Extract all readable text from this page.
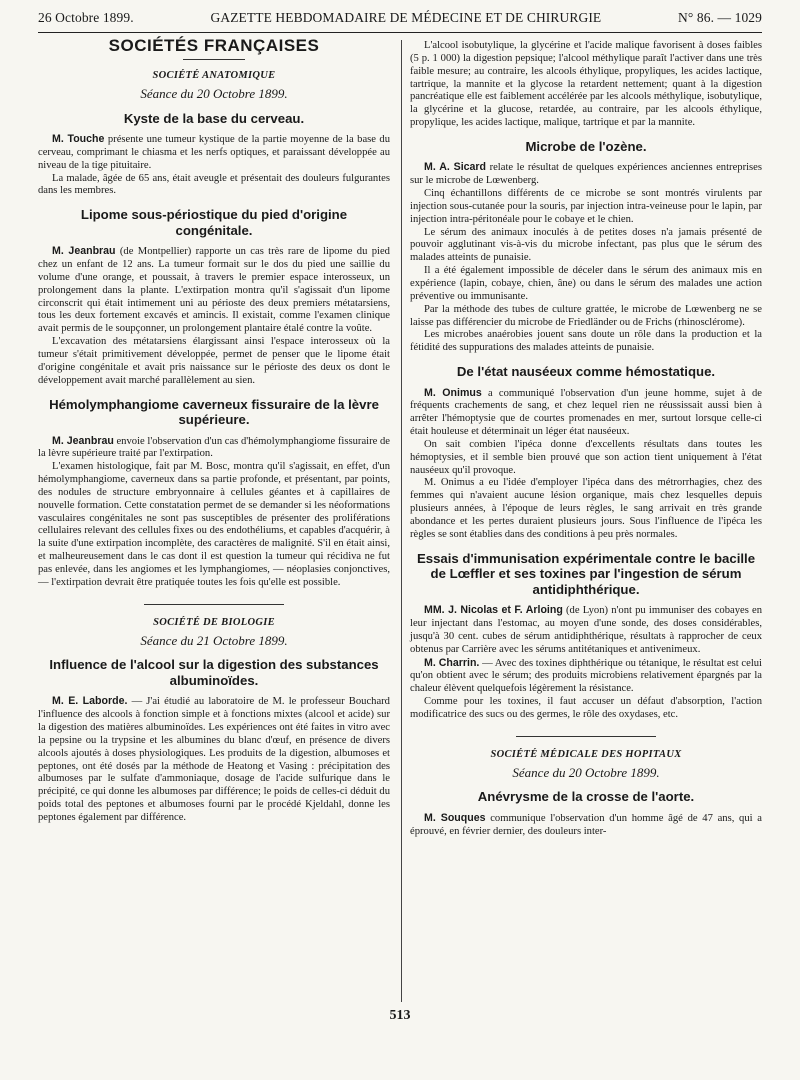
26 Octobre 1899.	GAZETTE HEBDOMADAIRE DE MÉDECINE ET DE CHIRURGIE	N° 86. — 1029
SOCIÉTÉS FRANÇAISES
SOCIÉTÉ ANATOMIQUE
Séance du 20 Octobre 1899.
Kyste de la base du cerveau.

M. Touche présente une tumeur kystique de la partie moyenne de la base du cerveau, comprimant le chiasma et les nerfs optiques, et paraissant développée au niveau de la tige pituitaire.

La malade, âgée de 65 ans, était aveugle et présentait des douleurs fulgurantes dans les membres.

Lipome sous-périostique du pied d'origine congénitale.

M. Jeanbrau (de Montpellier) rapporte un cas très rare de lipome du pied chez un enfant de 12 ans. La tumeur formait sur le dos du pied une saillie du volume d'une orange, et poussait, à travers le premier espace interosseux, un prolongement dans la plante. L'extirpation montra qu'il s'agissait d'un lipome circonscrit qui était intimement uni au périoste des deux premiers métatarsiens, tous les deux fortement excavés et amincis. Il existait, comme l'examen clinique avait permis de le soupçonner, un prolongement plantaire étalé contre la voûte.

L'excavation des métatarsiens élargissant ainsi l'espace interosseux où la tumeur s'était primitivement développée, permet de penser que le lipome était d'origine congénitale et avait pris naissance sur le périoste des deux os dont le développement avait marché parallèlement au sien.

Hémolymphangiome caverneux fissuraire de la lèvre supérieure.

M. Jeanbrau envoie l'observation d'un cas d'hémolymphangiome fissuraire de la lèvre supérieure traité par l'extirpation.

L'examen histologique, fait par M. Bosc, montra qu'il s'agissait, en effet, d'un hémolymphangiome, caverneux dans sa partie profonde, et présentant, par points, des nodules de structure embryonnaire à cellules géantes et à capillaires de nouvelle formation. Cette constatation permet de se demander si les néoformations vasculaires congénitales ne sont pas susceptibles de présenter des proliférations cellulaires relevant des cellules fixes ou des endothéliums, et capables d'acquérir, à la suite d'une extirpation incomplète, des caractères de malignité. S'il en était ainsi, et malheureusement dans le cas dont il est question la tumeur qui récidiva ne fut pas enlevée, dans les angiomes et les lymphangiomes, — néoplasies conjonctives, — l'extirpation devrait être pratiquée toutes les fois qu'elle est possible.

SOCIÉTÉ DE BIOLOGIE
Séance du 21 Octobre 1899.
Influence de l'alcool sur la digestion des substances albuminoïdes.

M. E. Laborde. — J'ai étudié au laboratoire de M. le professeur Bouchard l'influence des alcools à fonction simple et à fonctions mixtes (alcool et acide) sur la digestion des matières albuminoïdes. Les expériences ont été faites in vitro avec la pepsine ou la trypsine et les albumines du blanc d'œuf, en présence de divers alcools ajoutés à doses physiologiques. Les produits de la digestion, albumoses et peptones, ont été dosés par la méthode de Heatong et Vasing : précipitation des albumoses par le sulfate d'ammoniaque, dosage de l'acide sulfurique dans le précipité, ce qui donne les albumoses par différence; le poids de celles-ci déduit du poids total des peptones et albumoses fourni par le procédé Kjeldahl, donne les peptones également par différence.

L'alcool isobutylique, la glycérine et l'acide malique favorisent à doses faibles (5 p. 1 000) la digestion pepsique; l'alcool méthylique paraît l'activer dans une très faible mesure; au contraire, les alcools éthylique, propyliques, les acides lactique, tartrique, la mannite et la glycose la retardent nettement; quant à la digestion pancréatique elle est faiblement accélérée par les alcools méthylique, isobutylique, la glycérine et la glucose, retardée, au contraire, par les alcools éthylique, propylique, les acides lactique, malique, tartrique et par la mannite.

Microbe de l'ozène.

M. A. Sicard relate le résultat de quelques expériences anciennes entreprises sur le microbe de Lœwenberg.

Cinq échantillons différents de ce microbe se sont montrés virulents par injection sous-cutanée pour la souris, par injection intra-veineuse pour le lapin, par injection intra-péritonéale pour le cobaye et le chien.

Le sérum des animaux inoculés à de petites doses n'a jamais présenté de pouvoir agglutinant vis-à-vis du microbe infectant, pas plus que le sérum des malades atteints de punaisie.

Il a été également impossible de déceler dans le sérum des animaux mis en expérience (lapin, cobaye, chien, âne) ou dans le sérum des malades une action préventive ou immunisante.

Par la méthode des tubes de culture grattée, le microbe de Lœwenberg ne se laisse pas différencier du microbe de Friedländer ou de Frichs (rhinosclérome).

Les microbes anaérobies jouent sans doute un rôle dans la production et la fétidité des suppurations des malades atteints de punaisie.

De l'état nauséeux comme hémostatique.

M. Onimus a communiqué l'observation d'un jeune homme, sujet à de fréquents crachements de sang, et chez lequel rien ne réussissait aussi bien à arrêter l'hémoptysie que de courtes promenades en mer, surtout lorsque celle-ci était houleuse et déterminait un léger état nauséeux.

On sait combien l'ipéca donne d'excellents résultats dans toutes les hémoptysies, et il semble bien prouvé que son action tient uniquement à l'état nauséeux qu'il provoque.

M. Onimus a eu l'idée d'employer l'ipéca dans des métrorrhagies, chez des femmes qui n'avaient aucune lésion organique, mais chez lesquelles depuis plusieurs années, à l'époque de leurs règles, le sang arrivait en très grande abondance et les pertes duraient plusieurs jours. Sous l'influence de l'ipéca les règles se sont établies dans des conditions à peu près normales.

Essais d'immunisation expérimentale contre le bacille de Lœffler et ses toxines par l'ingestion de sérum antidiphthérique.

MM. J. Nicolas et F. Arloing (de Lyon) n'ont pu immuniser des cobayes en leur injectant dans l'estomac, au moyen d'une sonde, des doses considérables, jusqu'à 30 cent. cubes de sérum antidiphthérique, résultats à rapprocher de ceux obtenus par Carrière avec les sérums antitétaniques et antivenimeux.

M. Charrin. — Avec des toxines diphthérique ou tétanique, le résultat est celui qu'on obtient avec le sérum; des produits microbiens relativement épargnés par la chaleur élèvent quelquefois légèrement la résistance.

Comme pour les toxines, il faut accuser un défaut d'absorption, l'action modificatrice des sucs ou des germes, le rôle des oxydases, etc.

SOCIÉTÉ MÉDICALE DES HOPITAUX
Séance du 20 Octobre 1899.
Anévrysme de la crosse de l'aorte.

M. Souques communique l'observation d'un homme âgé de 47 ans, qui a éprouvé, en février dernier, des douleurs inter-

513
